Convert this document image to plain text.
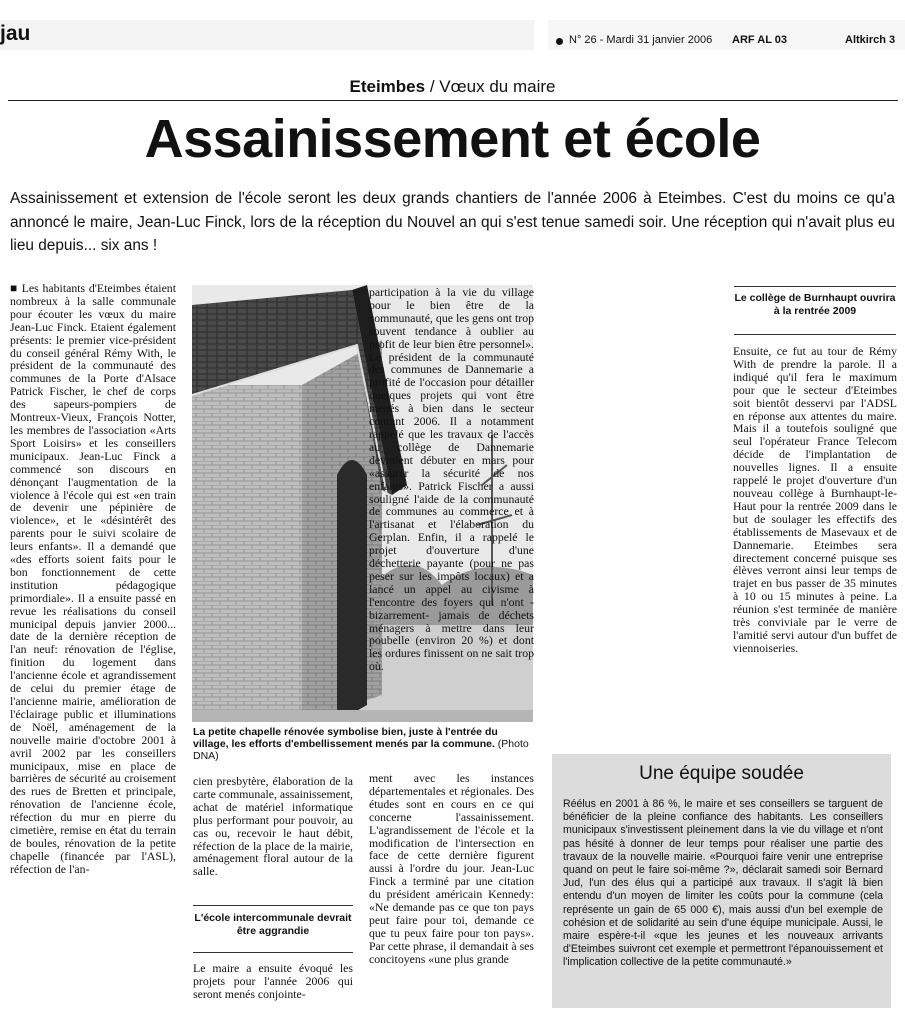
jau	N° 26 - Mardi 31 janvier 2006 ARF AL 03	Altkirch 3
Eteimbes / Vœux du maire
Assainissement et école
Assainissement et extension de l'école seront les deux grands chantiers de l'année 2006 à Eteimbes. C'est du moins ce qu'a annoncé le maire, Jean-Luc Finck, lors de la réception du Nouvel an qui s'est tenue samedi soir. Une réception qui n'avait plus eu lieu depuis... six ans !
■ Les habitants d'Eteimbes étaient nombreux à la salle communale pour écouter les vœux du maire Jean-Luc Finck. Etaient également présents: le premier vice-président du conseil général Rémy With, le président de la communauté des communes de la Porte d'Alsace Patrick Fischer, le chef de corps des sapeurs-pompiers de Montreux-Vieux, François Notter, les membres de l'association «Arts Sport Loisirs» et les conseillers municipaux. Jean-Luc Finck a commencé son discours en dénonçant l'augmentation de la violence à l'école qui est «en train de devenir une pépinière de violence», et le «désintérêt des parents pour le suivi scolaire de leurs enfants». Il a demandé que «des efforts soient faits pour le bon fonctionnement de cette institution pédagogique primordiale». Il a ensuite passé en revue les réalisations du conseil municipal depuis janvier 2000... date de la dernière réception de l'an neuf: rénovation de l'église, finition du logement dans l'ancienne école et agrandissement de celui du premier étage de l'ancienne mairie, amélioration de l'éclairage public et illuminations de Noël, aménagement de la nouvelle mairie d'octobre 2001 à avril 2002 par les conseillers municipaux, mise en place de barrières de sécurité au croisement des rues de Bretten et principale, rénovation de l'ancienne école, réfection du mur en pierre du cimetière, remise en état du terrain de boules, rénovation de la petite chapelle (financée par l'ASL), réfection de l'an-
La petite chapelle rénovée symbolise bien, juste à l'entrée du village, les efforts d'embellissement menés par la commune. (Photo DNA)
cien presbytère, élaboration de la carte communale, assainissement, achat de matériel informatique plus performant pour pouvoir, au cas ou, recevoir le haut débit, réfection de la place de la mairie, aménagement floral autour de la salle.
L'école intercommunale devrait être aggrandie
Le maire a ensuite évoqué les projets pour l'année 2006 qui seront menés conjointe-
participation à la vie du village pour le bien être de la communauté, que les gens ont trop souvent tendance à oublier au profit de leur bien être personnel». Le président de la communauté des communes de Dannemarie a profité de l'occasion pour détailler quelques projets qui vont être menés à bien dans le secteur courant 2006. Il a notamment rappelé que les travaux de l'accès au collège de Dannemarie devraient débuter en mars pour «assurer la sécurité de nos enfants». Patrick Fischer a aussi souligné l'aide de la communauté de communes au commerce et à l'artisanat et l'élaboration du Gerplan. Enfin, il a rappelé le projet d'ouverture d'une déchetterie payante (pour ne pas peser sur les impôts locaux) et a lancé un appel au civisme à l'encontre des foyers qui n'ont -bizarrement- jamais de déchets ménagers à mettre dans leur poubelle (environ 20 %) et dont les ordures finissent on ne sait trop où.
ment avec les instances départementales et régionales. Des études sont en cours en ce qui concerne l'assainissement. L'agrandissement de l'école et la modification de l'intersection en face de cette dernière figurent aussi à l'ordre du jour. Jean-Luc Finck a terminé par une citation du président américain Kennedy: «Ne demande pas ce que ton pays peut faire pour toi, demande ce que tu peux faire pour ton pays». Par cette phrase, il demandait à ses concitoyens «une plus grande
Le collège de Burnhaupt ouvrira à la rentrée 2009
Ensuite, ce fut au tour de Rémy With de prendre la parole. Il a indiqué qu'il fera le maximum pour que le secteur d'Eteimbes soit bientôt desservi par l'ADSL en réponse aux attentes du maire. Mais il a toutefois souligné que seul l'opérateur France Telecom décide de l'implantation de nouvelles lignes. Il a ensuite rappelé le projet d'ouverture d'un nouveau collège à Burnhaupt-le-Haut pour la rentrée 2009 dans le but de soulager les effectifs des établissements de Masevaux et de Dannemarie. Eteimbes sera directement concerné puisque ses élèves verront ainsi leur temps de trajet en bus passer de 35 minutes à 10 ou 15 minutes à peine. La réunion s'est terminée de manière très conviviale par le verre de l'amitié servi autour d'un buffet de viennoiseries.
Une équipe soudée
Réélus en 2001 à 86 %, le maire et ses conseillers se targuent de bénéficier de la pleine confiance des habitants. Les conseillers municipaux s'investissent pleinement dans la vie du village et n'ont pas hésité à donner de leur temps pour réaliser une partie des travaux de la nouvelle mairie. «Pourquoi faire venir une entreprise quand on peut le faire soi-même ?», déclarait samedi soir Bernard Jud, l'un des élus qui a participé aux travaux. Il s'agit là bien entendu d'un moyen de limiter les coûts pour la commune (cela représente un gain de 65 000 €), mais aussi d'un bel exemple de cohésion et de solidarité au sein d'une équipe municipale. Aussi, le maire espère-t-il «que les jeunes et les nouveaux arrivants d'Eteimbes suivront cet exemple et permettront l'épanouissement et l'implication collective de la petite communauté.»
